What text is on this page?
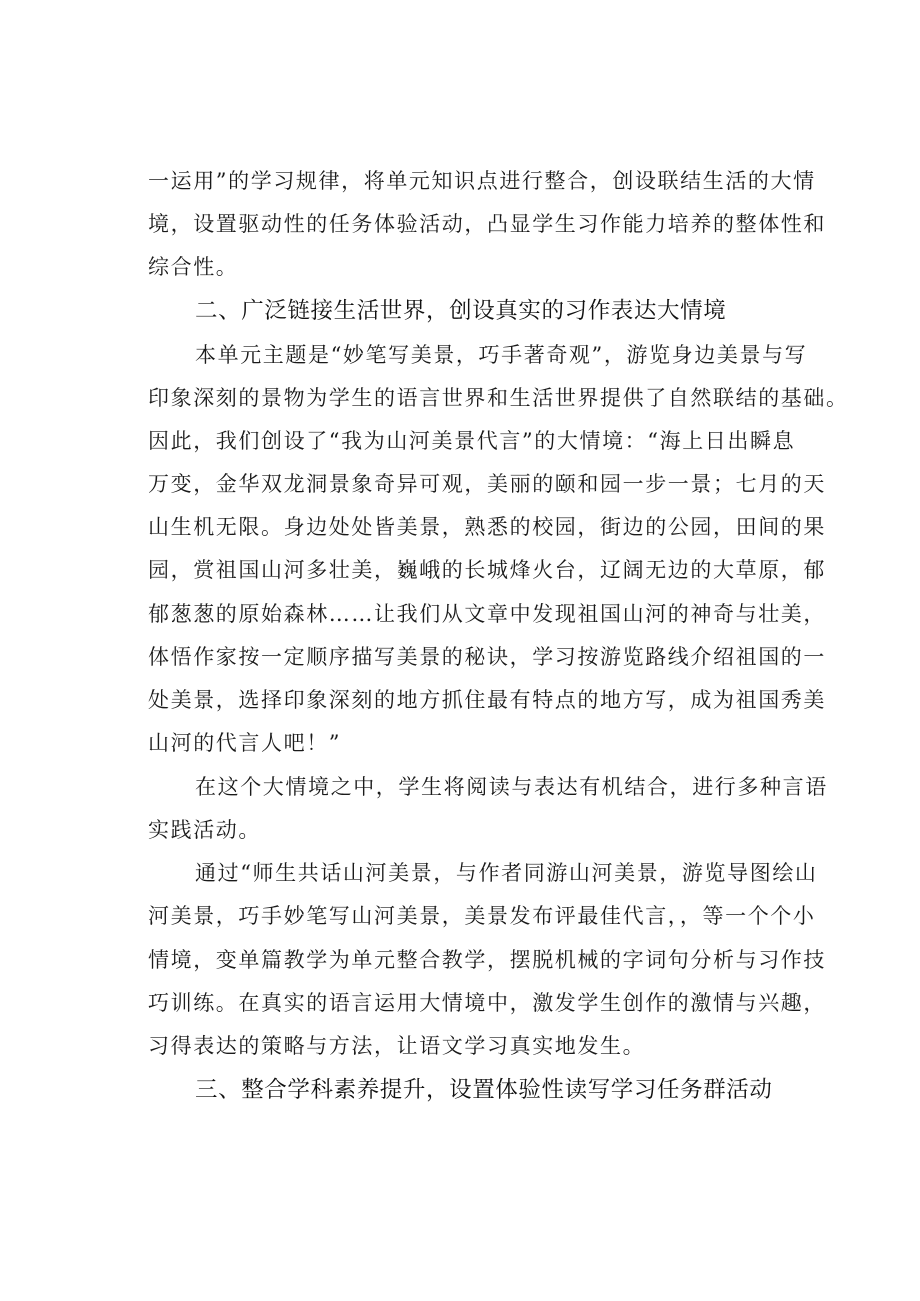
一运用”的学习规律，将单元知识点进行整合，创设联结生活的大情
境，设置驱动性的任务体验活动，凸显学生习作能力培养的整体性和
综合性。
二、广泛链接生活世界，创设真实的习作表达大情境
本单元主题是“妙笔写美景，巧手著奇观”，游览身边美景与写
印象深刻的景物为学生的语言世界和生活世界提供了自然联结的基础。
因此，我们创设了“我为山河美景代言”的大情境：“海上日出瞬息
万变，金华双龙洞景象奇异可观，美丽的颐和园一步一景；七月的天
山生机无限。身边处处皆美景，熟悉的校园，街边的公园，田间的果
园，赏祖国山河多壮美，巍峨的长城烽火台，辽阔无边的大草原，郁
郁葱葱的原始森林……让我们从文章中发现祖国山河的神奇与壮美，
体悟作家按一定顺序描写美景的秘诀，学习按游览路线介绍祖国的一
处美景，选择印象深刻的地方抓住最有特点的地方写，成为祖国秀美
山河的代言人吧！”
在这个大情境之中，学生将阅读与表达有机结合，进行多种言语
实践活动。
通过“师生共话山河美景，与作者同游山河美景，游览导图绘山
河美景，巧手妙笔写山河美景，美景发布评最佳代言，，等一个个小
情境，变单篇教学为单元整合教学，摆脱机械的字词句分析与习作技
巧训练。在真实的语言运用大情境中，激发学生创作的激情与兴趣，
习得表达的策略与方法，让语文学习真实地发生。
三、整合学科素养提升，设置体验性读写学习任务群活动
